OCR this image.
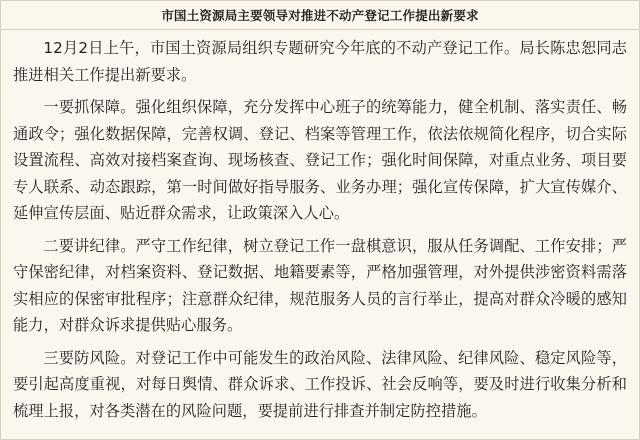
市国土资源局主要领导对推进不动产登记工作提出新要求

12月2日上午，市国土资源局组织专题研究今年底的不动产登记工作。局长陈忠恕同志推进相关工作提出新要求。

一要抓保障。强化组织保障，充分发挥中心班子的统筹能力，健全机制、落实责任、畅通政令；强化数据保障，完善权调、登记、档案等管理工作，依法依规简化程序，切合实际设置流程、高效对接档案查询、现场核查、登记工作；强化时间保障，对重点业务、项目要专人联系、动态跟踪，第一时间做好指导服务、业务办理；强化宣传保障，扩大宣传媒介、延伸宣传层面、贴近群众需求，让政策深入人心。

二要讲纪律。严守工作纪律，树立登记工作一盘棋意识，服从任务调配、工作安排；严守保密纪律，对档案资料、登记数据、地籍要素等，严格加强管理，对外提供涉密资料需落实相应的保密审批程序；注意群众纪律，规范服务人员的言行举止，提高对群众冷暖的感知能力，对群众诉求提供贴心服务。

三要防风险。对登记工作中可能发生的政治风险、法律风险、纪律风险、稳定风险等，要引起高度重视，对每日舆情、群众诉求、工作投诉、社会反响等，要及时进行收集分析和梳理上报，对各类潜在的风险问题，要提前进行排查并制定防控措施。
